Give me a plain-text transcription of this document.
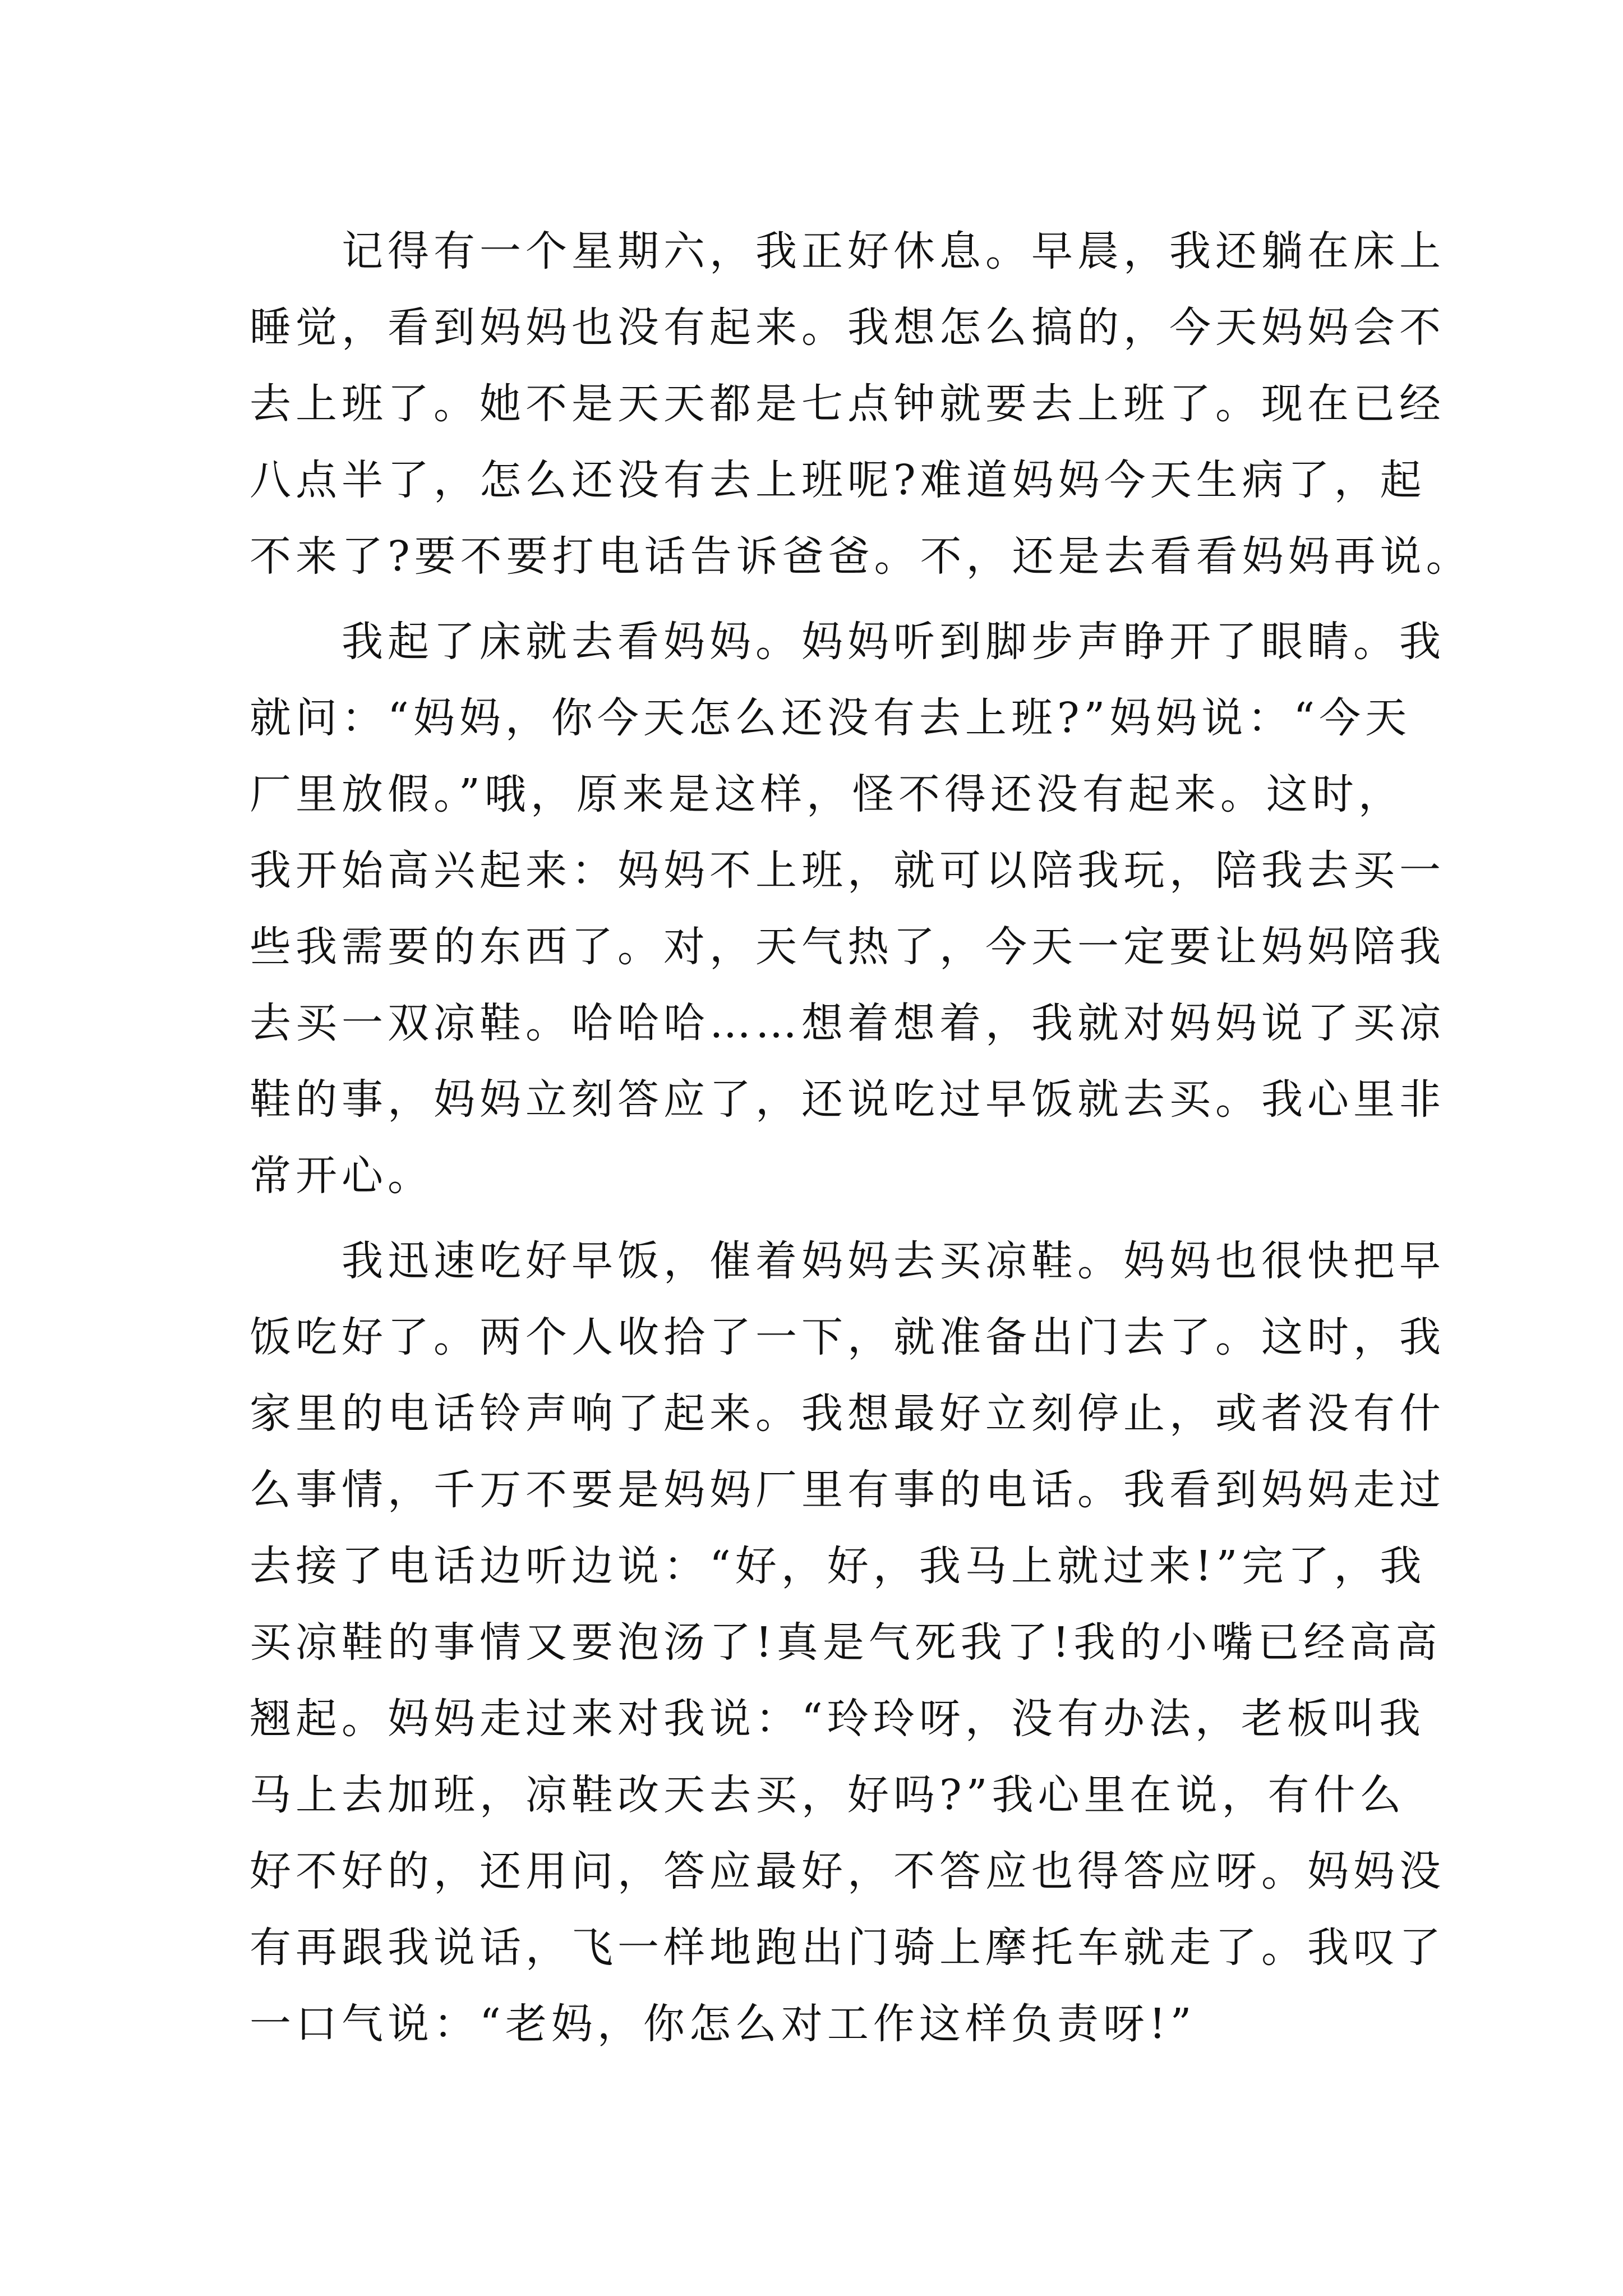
　　记得有一个星期六，我正好休息。早晨，我还躺在床上
睡觉，看到妈妈也没有起来。我想怎么搞的，今天妈妈会不
去上班了。她不是天天都是七点钟就要去上班了。现在已经
八点半了，怎么还没有去上班呢?难道妈妈今天生病了，起
不来了?要不要打电话告诉爸爸。不，还是去看看妈妈再说。
　　我起了床就去看妈妈。妈妈听到脚步声睁开了眼睛。我
就问：“妈妈，你今天怎么还没有去上班?”妈妈说：“今天
厂里放假。”哦，原来是这样，怪不得还没有起来。这时，
我开始高兴起来：妈妈不上班，就可以陪我玩，陪我去买一
些我需要的东西了。对，天气热了，今天一定要让妈妈陪我
去买一双凉鞋。哈哈哈……想着想着，我就对妈妈说了买凉
鞋的事，妈妈立刻答应了，还说吃过早饭就去买。我心里非
常开心。
　　我迅速吃好早饭，催着妈妈去买凉鞋。妈妈也很快把早
饭吃好了。两个人收拾了一下，就准备出门去了。这时，我
家里的电话铃声响了起来。我想最好立刻停止，或者没有什
么事情，千万不要是妈妈厂里有事的电话。我看到妈妈走过
去接了电话边听边说：“好，好，我马上就过来!”完了，我
买凉鞋的事情又要泡汤了!真是气死我了!我的小嘴已经高高
翘起。妈妈走过来对我说：“玲玲呀，没有办法，老板叫我
马上去加班，凉鞋改天去买，好吗?”我心里在说，有什么
好不好的，还用问，答应最好，不答应也得答应呀。妈妈没
有再跟我说话，飞一样地跑出门骑上摩托车就走了。我叹了
一口气说：“老妈，你怎么对工作这样负责呀!”
